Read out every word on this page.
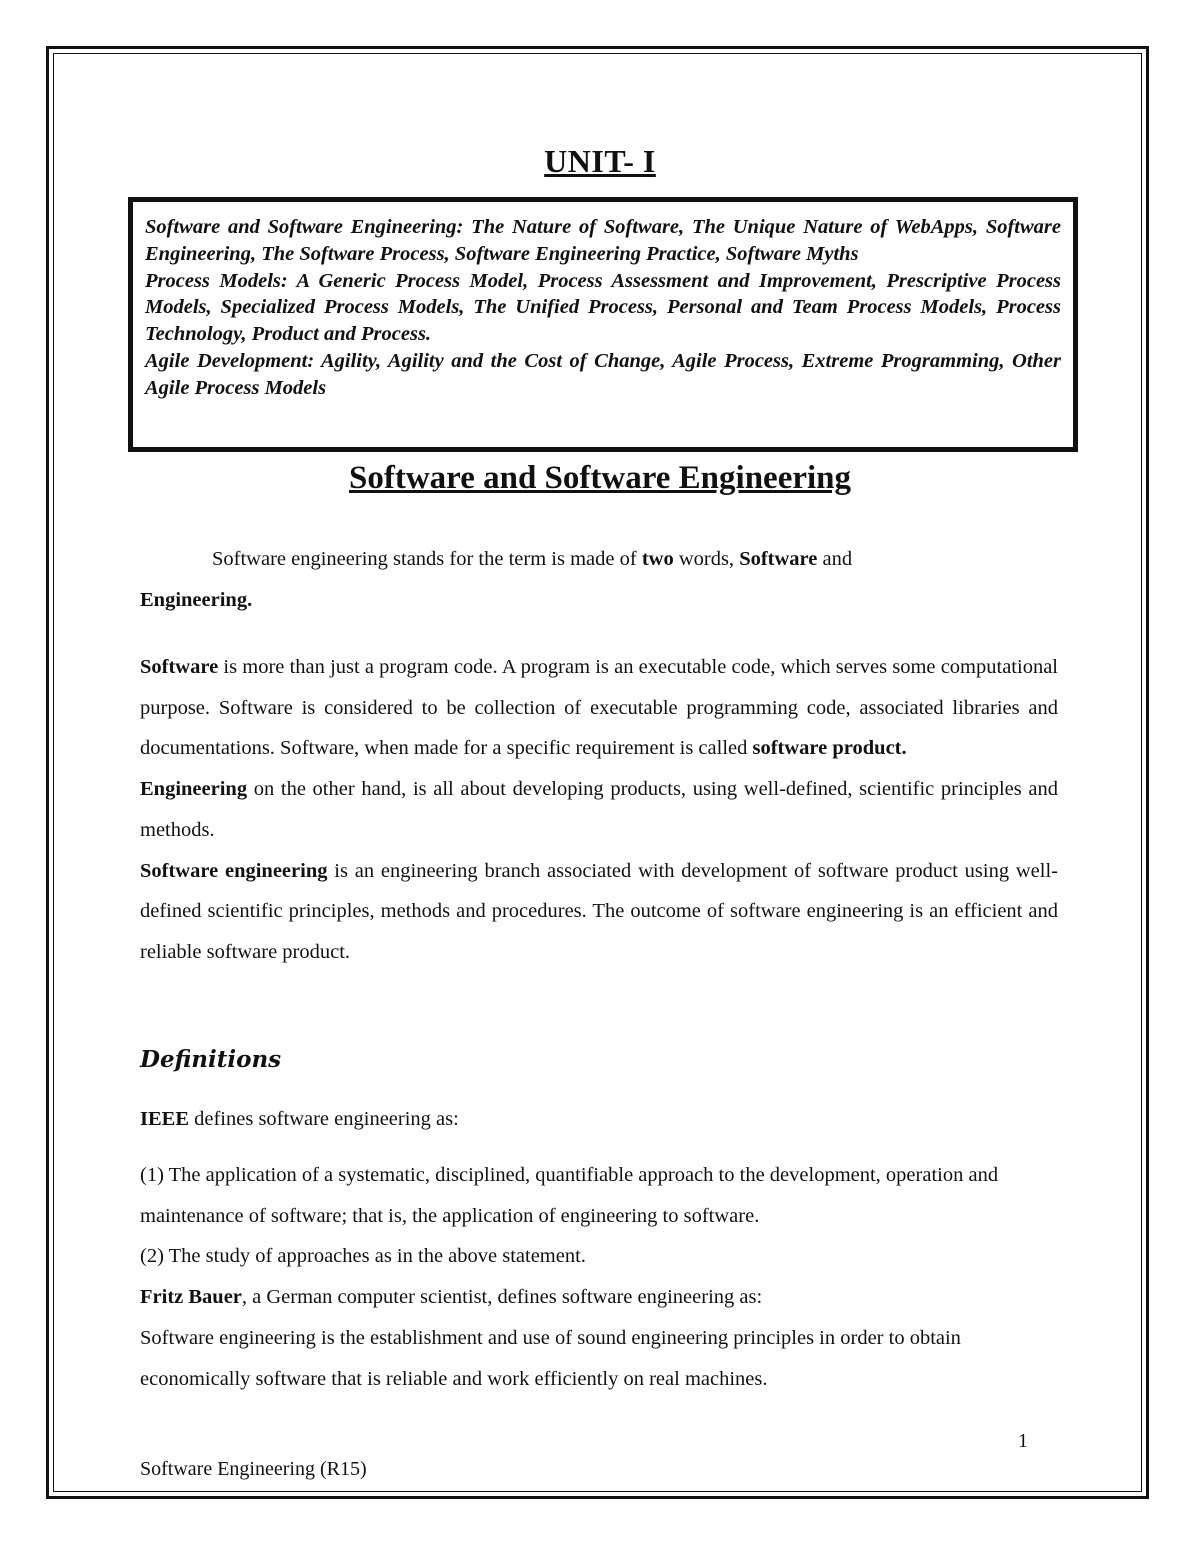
UNIT- I

Software and Software Engineering: The Nature of Software, The Unique Nature of WebApps, Software Engineering, The Software Process, Software Engineering Practice, Software Myths

Process Models: A Generic Process Model, Process Assessment and Improvement, Prescriptive Process Models, Specialized Process Models, The Unified Process, Personal and Team Process Models, Process Technology, Product and Process.

Agile Development: Agility, Agility and the Cost of Change, Agile Process, Extreme Programming, Other Agile Process Models

Software and Software Engineering

Software engineering stands for the term is made of two words, Software and
Engineering.

Software is more than just a program code. A program is an executable code, which serves some computational purpose. Software is considered to be collection of executable programming code, associated libraries and documentations. Software, when made for a specific requirement is called software product.

Engineering on the other hand, is all about developing products, using well-defined, scientific principles and methods.

Software engineering is an engineering branch associated with development of software product using well-defined scientific principles, methods and procedures. The outcome of software engineering is an efficient and reliable software product.

Definitions

IEEE defines software engineering as:

(1) The application of a systematic, disciplined, quantifiable approach to the development, operation and maintenance of software; that is, the application of engineering to software.

(2) The study of approaches as in the above statement.

Fritz Bauer, a German computer scientist, defines software engineering as:

Software engineering is the establishment and use of sound engineering principles in order to obtain economically software that is reliable and work efficiently on real machines.

1
Software Engineering (R15)
